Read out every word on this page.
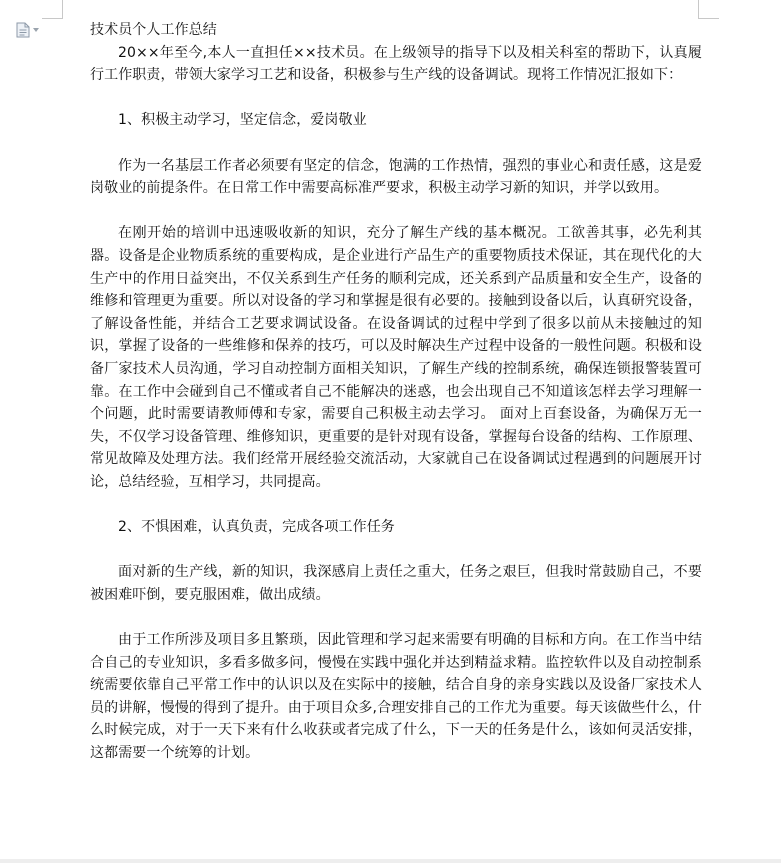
技术员个人工作总结

20××年至今,本人一直担任××技术员。在上级领导的指导下以及相关科室的帮助下，认真履行工作职责，带领大家学习工艺和设备，积极参与生产线的设备调试。现将工作情况汇报如下：

1、积极主动学习，坚定信念，爱岗敬业

作为一名基层工作者必须要有坚定的信念，饱满的工作热情，强烈的事业心和责任感，这是爱岗敬业的前提条件。在日常工作中需要高标准严要求，积极主动学习新的知识，并学以致用。

在刚开始的培训中迅速吸收新的知识，充分了解生产线的基本概况。工欲善其事，必先利其器。设备是企业物质系统的重要构成，是企业进行产品生产的重要物质技术保证，其在现代化的大生产中的作用日益突出，不仅关系到生产任务的顺利完成，还关系到产品质量和安全生产，设备的维修和管理更为重要。所以对设备的学习和掌握是很有必要的。接触到设备以后，认真研究设备，了解设备性能，并结合工艺要求调试设备。在设备调试的过程中学到了很多以前从未接触过的知识，掌握了设备的一些维修和保养的技巧，可以及时解决生产过程中设备的一般性问题。积极和设备厂家技术人员沟通，学习自动控制方面相关知识，了解生产线的控制系统，确保连锁报警装置可靠。在工作中会碰到自己不懂或者自己不能解决的迷惑，也会出现自己不知道该怎样去学习理解一个问题，此时需要请教师傅和专家，需要自己积极主动去学习。 面对上百套设备，为确保万无一失，不仅学习设备管理、维修知识，更重要的是针对现有设备，掌握每台设备的结构、工作原理、常见故障及处理方法。我们经常开展经验交流活动，大家就自己在设备调试过程遇到的问题展开讨论，总结经验，互相学习，共同提高。

2、不惧困难，认真负责，完成各项工作任务

面对新的生产线，新的知识，我深感肩上责任之重大，任务之艰巨，但我时常鼓励自己，不要被困难吓倒，要克服困难，做出成绩。

由于工作所涉及项目多且繁琐，因此管理和学习起来需要有明确的目标和方向。在工作当中结合自己的专业知识，多看多做多问，慢慢在实践中强化并达到精益求精。监控软件以及自动控制系统需要依靠自己平常工作中的认识以及在实际中的接触，结合自身的亲身实践以及设备厂家技术人员的讲解，慢慢的得到了提升。由于项目众多,合理安排自己的工作尤为重要。每天该做些什么，什么时候完成，对于一天下来有什么收获或者完成了什么，下一天的任务是什么，该如何灵活安排，这都需要一个统筹的计划。
